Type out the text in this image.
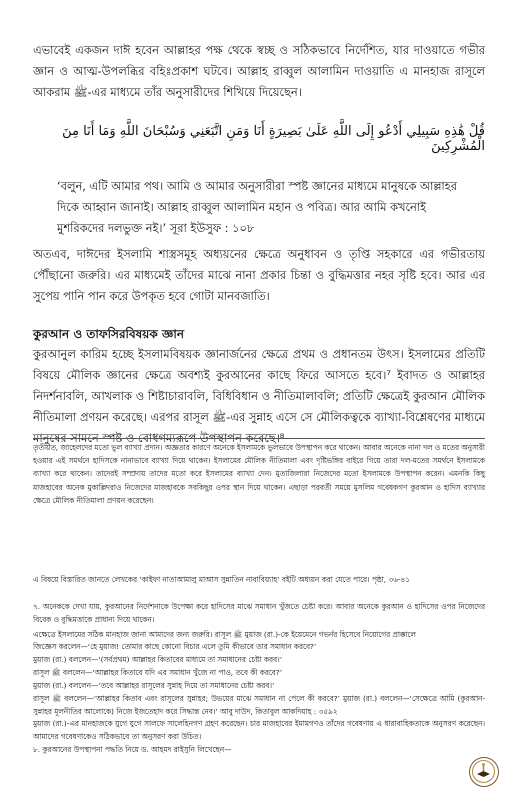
এভাবেই একজন দাঈ হবেন আল্লাহর পক্ষ থেকে স্বচ্ছ ও সঠিকভাবে নির্দেশিত, যার দাওয়াতে গভীর জ্ঞান ও আত্ম-উপলব্ধির বহিঃপ্রকাশ ঘটবে। আল্লাহ রাব্বুল আলামিন দাওয়াতি এ মানহাজ রাসূলে আকরাম ﷺ-এর মাধ্যমে তাঁর অনুসারীদের শিখিয়ে দিয়েছেন।

قُلْ هَٰذِهِ سَبِيلِي أَدْعُو إِلَى اللَّهِ عَلَىٰ بَصِيرَةٍ أَنَا وَمَنِ اتَّبَعَنِي وَسُبْحَانَ اللَّهِ وَمَا أَنَا مِنَ الْمُشْرِكِينَ

‘বলুন, এটি আমার পথ। আমি ও আমার অনুসারীরা স্পষ্ট জ্ঞানের মাধ্যমে মানুষকে আল্লাহর দিকে আহ্বান জানাই। আল্লাহ রাব্বুল আলামিন মহান ও পবিত্র। আর আমি কখনোই মুশরিকদের দলভুক্ত নই।’ সূরা ইউসুফ : ১০৮

অতএব, দাঈদের ইসলামি শাস্ত্রসমূহ অধ্যয়নের ক্ষেত্রে অনুধাবন ও তৃপ্তি সহকারে এর গভীরতায় পৌঁছানো জরুরি। এর মাধ্যমেই তাঁদের মাঝে নানা প্রকার চিন্তা ও বুদ্ধিমত্তার নহর সৃষ্টি হবে। আর এর সুপেয় পানি পান করে উপকৃত হবে গোটা মানবজাতি।

কুরআন ও তাফসিরবিষয়ক জ্ঞান

কুরআনুল কারিম হচ্ছে ইসলামবিষয়ক জ্ঞানার্জনের ক্ষেত্রে প্রথম ও প্রধানতম উৎস। ইসলামের প্রতিটি বিষয়ে মৌলিক জ্ঞানের ক্ষেত্রে অবশ্যই কুরআনের কাছে ফিরে আসতে হবে।⁷ ইবাদত ও আল্লাহর নিদর্শনাবলি, আখলাক ও শিষ্টাচারাবলি, বিধিবিধান ও নীতিমালাবলি; প্রতিটি ক্ষেত্রেই কুরআন মৌলিক নীতিমালা প্রণয়ন করেছে। এরপর রাসূল ﷺ-এর সুন্নাহ এসে সে মৌলিকত্বকে ব্যাখ্যা-বিশ্লেষণের মাধ্যমে মানুষের সামনে স্পষ্ট ও বোধগম্যরূপে উপস্থাপন করেছে।⁸

তৃতীয়ত, জাহেলদের মতো ভুল ব্যাখ্যা প্রদান। অজ্ঞতার কারণে অনেকে ইসলামকে ভুলভাবে উপস্থাপন করে থাকেন। আবার অনেকে নানা দল ও মতের অনুসারী হওয়ার এই সমর্থনে হাদিসকে নানাভাবে ব্যাখ্যা দিয়ে থাকেন। ইসলামের মৌলিক নীতিমালা এবং দৃষ্টিভঙ্গির বাইরে গিয়ে তারা দল-মতের সমর্থনে ইসলামকে ব্যাখ্যা করে থাকেন। তাদেরই সম্প্রদায় তাদের মতো করে ইসলামের ব্যাখ্যা দেন। মুতাজিলারা নিজেদের মতো ইসলামকে উপস্থাপন করেন। এমনকি কিছু মাজহাবের অনেক মুকাল্লিদরাও নিজেদের মাজহাবকে সবকিছুর ওপর স্থান দিয়ে থাকেন। এছাড়া পরবর্তী সময়ে মুসলিম গবেষকগণ কুরআন ও হাদিস ব্যাখ্যার ক্ষেত্রে মৌলিক নীতিমালা প্রণয়ন করেছেন।

এ বিষয়ে বিস্তারিত জানতে লেখকের ‘কাইফা নাতাআমালু মাআস সুন্নাতিন নাবাবিয়্যাহ’ বইটি অধ্যয়ন করা যেতে পারে। পৃষ্ঠা, ৩৬-৪১

৭. অনেককে দেখা যায়, কুরআনের নির্দেশনাকে উপেক্ষা করে হাদিসের মাঝে সমাধান খুঁজতে চেষ্টা করে। আবার অনেকে কুরআন ও হাদিসের ওপর নিজেদের বিবেক ও বুদ্ধিমত্তাকে প্রাধান্য দিয়ে থাকেন।

এক্ষেত্রে ইসলামের সঠিক মানহাজ জানা আমাদের জন্য জরুরি। রাসূল ﷺ মুয়াজ (রা.)-কে ইয়েমেনে গভর্নর হিসেবে নিয়োগের প্রাক্কালে

জিজ্ঞেস করলেন—‘হে মুয়াজ! তোমার কাছে কোনো বিচার এলে তুমি কীভাবে তার সমাধান করবে?’

মুয়াজ (রা.) বললেন—‘(সর্বপ্রথম) আল্লাহর কিতাবের মাধ্যমে তা সমাধানের চেষ্টা করব।’

রাসূল ﷺ বললেন—‘আল্লাহর কিতাবে যদি এর সমাধান খুঁজে না পাও, তবে কী করবে?’

মুয়াজ (রা.) বললেন—‘তবে আল্লাহর রাসূলের সুন্নাহ দিয়ে তা সমাধানের চেষ্টা করব।’

রাসূল ﷺ বললেন—‘আল্লাহর কিতাব এবং রাসূলের সুন্নাহর; উভয়ের মাঝে সমাধান না পেলে কী করবে?’ মুয়াজ (রা.) বললেন—‘সেক্ষেত্রে আমি (কুরআন-সুন্নাহর মূলনীতির আলোকে) নিজে ইজতেহাদ করে সিদ্ধান্ত নেব।’ আবু দাউদ, কিতাবুল আকদিয়াহ : ৩৫৯২

মুয়াজ (রা.)-এর মানহাজকে যুগে যুগে সালফে সালেহিনগণ গ্রহণ করেছেন। চার মাজহাবের ইমামগণও তাঁদের গবেষণায় এ ধারাবাহিকতাকে অনুসরণ করেছেন। আমাদের গবেষণাকেও সঠিকভাবে তা অনুসরণ করা উচিত।

৮. কুরআনের উপস্থাপনা পদ্ধতি নিয়ে ড. আহমদ রাইসুনি লিখেছেন—
